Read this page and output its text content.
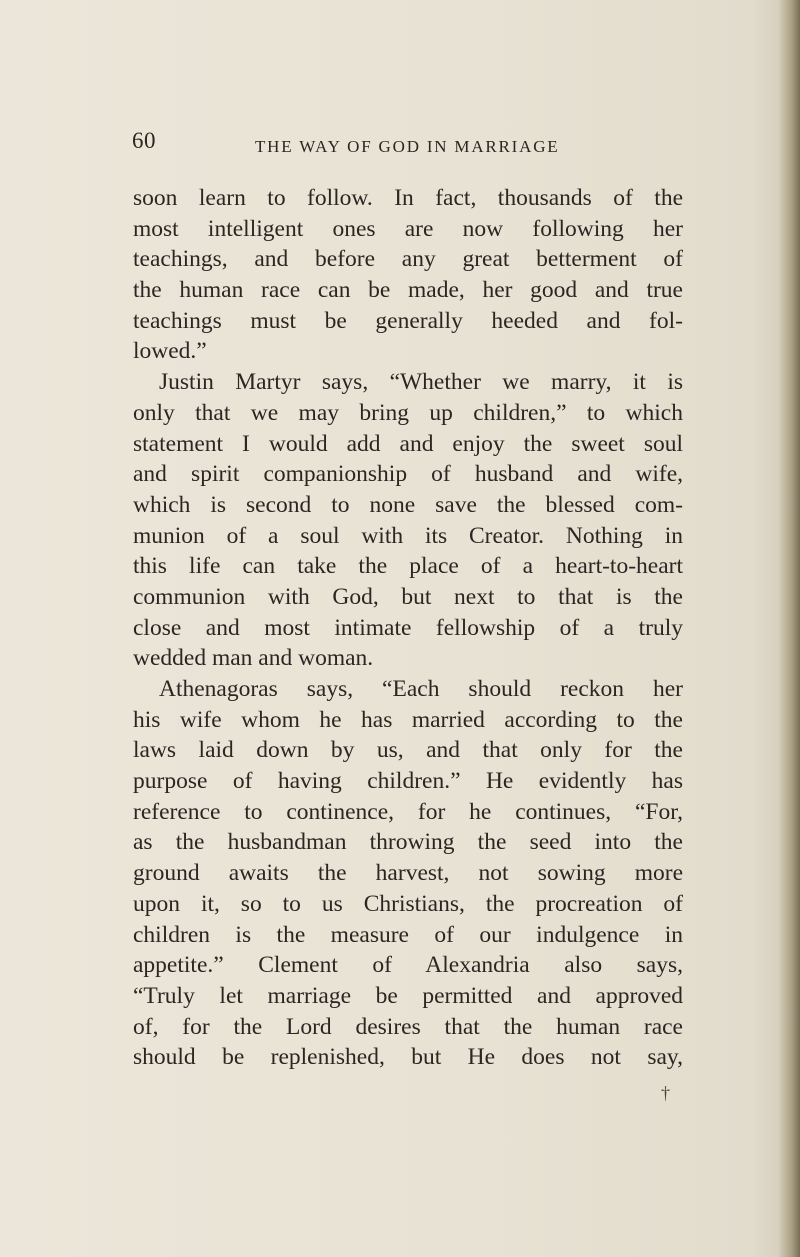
60	THE WAY OF GOD IN MARRIAGE
soon learn to follow. In fact, thousands of the
most intelligent ones are now following her
teachings, and before any great betterment of
the human race can be made, her good and true
teachings must be generally heeded and fol-
lowed.”
Justin Martyr says, “Whether we marry, it is
only that we may bring up children,” to which
statement I would add and enjoy the sweet soul
and spirit companionship of husband and wife,
which is second to none save the blessed com-
munion of a soul with its Creator. Nothing in
this life can take the place of a heart-to-heart
communion with God, but next to that is the
close and most intimate fellowship of a truly
wedded man and woman.
Athenagoras says, “Each should reckon her
his wife whom he has married according to the
laws laid down by us, and that only for the
purpose of having children.” He evidently has
reference to continence, for he continues, “For,
as the husbandman throwing the seed into the
ground awaits the harvest, not sowing more
upon it, so to us Christians, the procreation of
children is the measure of our indulgence in
appetite.” Clement of Alexandria also says,
“Truly let marriage be permitted and approved
of, for the Lord desires that the human race
should be replenished, but He does not say,
†
